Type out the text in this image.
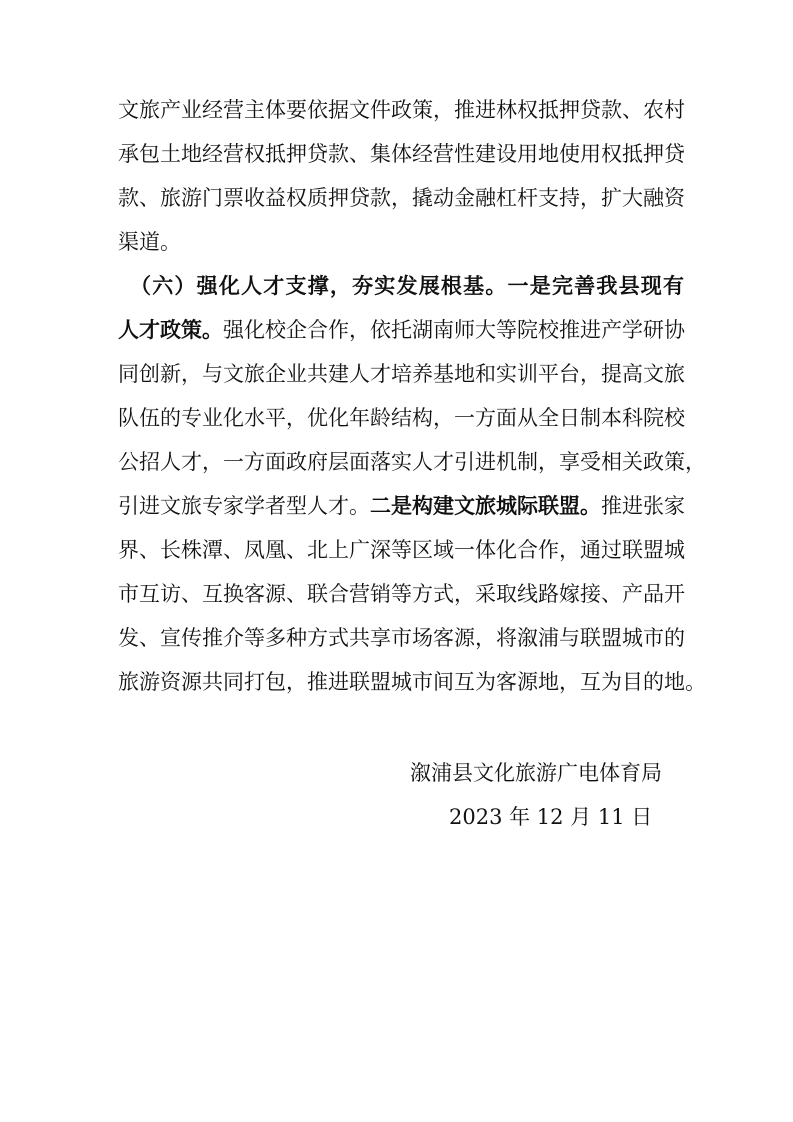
文旅产业经营主体要依据文件政策，推进林权抵押贷款、农村
承包土地经营权抵押贷款、集体经营性建设用地使用权抵押贷
款、旅游门票收益权质押贷款，撬动金融杠杆支持，扩大融资
渠道。
（六）强化人才支撑，夯实发展根基。一是完善我县现有
人才政策。强化校企合作，依托湖南师大等院校推进产学研协
同创新，与文旅企业共建人才培养基地和实训平台，提高文旅
队伍的专业化水平，优化年龄结构，一方面从全日制本科院校
公招人才，一方面政府层面落实人才引进机制，享受相关政策，
引进文旅专家学者型人才。二是构建文旅城际联盟。推进张家
界、长株潭、凤凰、北上广深等区域一体化合作，通过联盟城
市互访、互换客源、联合营销等方式，采取线路嫁接、产品开
发、宣传推介等多种方式共享市场客源，将溆浦与联盟城市的
旅游资源共同打包，推进联盟城市间互为客源地，互为目的地。
溆浦县文化旅游广电体育局
2023 年 12 月 11 日
